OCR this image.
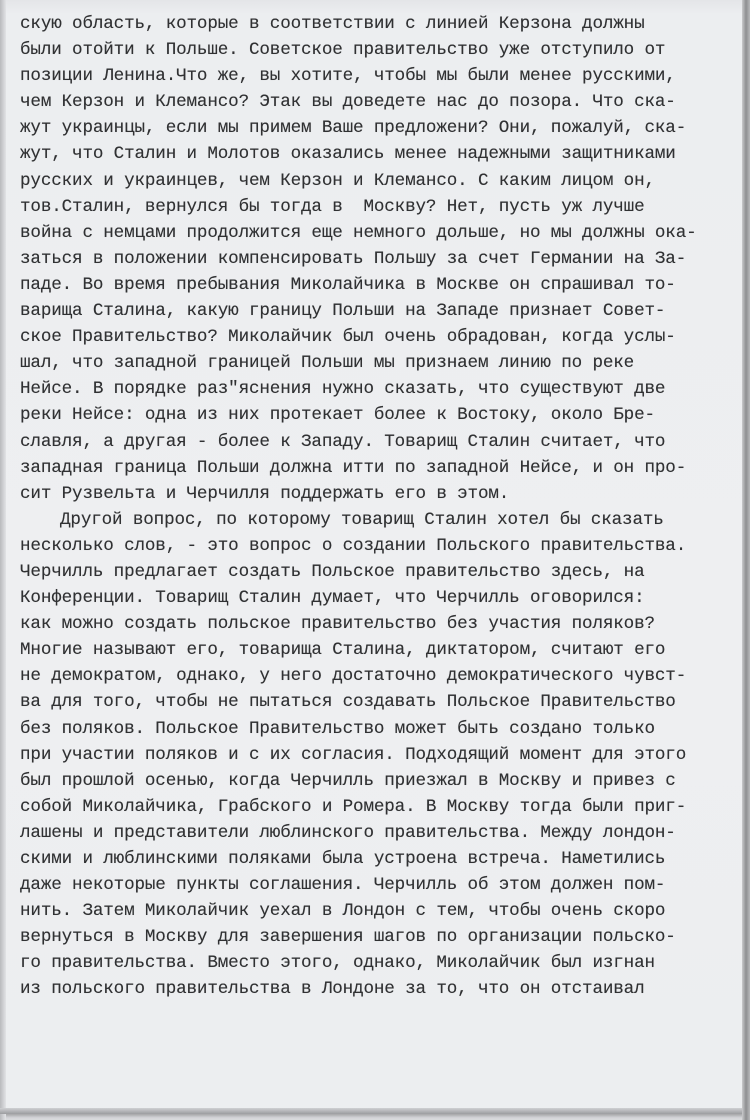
скую область, которые в соответствии с линией Керзона должны
были отойти к Польше. Советское правительство уже отступило от
позиции Ленина.Что же, вы хотите, чтобы мы были менее русскими,
чем Керзон и Клемансо? Этак вы доведете нас до позора. Что ска-
жут украинцы, если мы примем Ваше предложени? Они, пожалуй, ска-
жут, что Сталин и Молотов оказались менее надежными защитниками
русских и украинцев, чем Керзон и Клемансо. С каким лицом он,
тов.Сталин, вернулся бы тогда в  Москву? Нет, пусть уж лучше
война с немцами продолжится еще немного дольше, но мы должны ока-
заться в положении компенсировать Польшу за счет Германии на За-
паде. Во время пребывания Миколайчика в Москве он спрашивал то-
варища Сталина, какую границу Польши на Западе признает Совет-
ское Правительство? Миколайчик был очень обрадован, когда услы-
шал, что западной границей Польши мы признаем линию по реке
Нейсе. В порядке раз"яснения нужно сказать, что существуют две
реки Нейсе: одна из них протекает более к Востоку, около Бре-
славля, а другая - более к Западу. Товарищ Сталин считает, что
западная граница Польши должна итти по западной Нейсе, и он про-
сит Рузвельта и Черчилля поддержать его в этом.
Другой вопрос, по которому товарищ Сталин хотел бы сказать
несколько слов, - это вопрос о создании Польского правительства.
Черчилль предлагает создать Польское правительство здесь, на
Конференции. Товарищ Сталин думает, что Черчилль оговорился:
как можно создать польское правительство без участия поляков?
Многие называют его, товарища Сталина, диктатором, считают его
не демократом, однако, у него достаточно демократического чувст-
ва для того, чтобы не пытаться создавать Польское Правительство
без поляков. Польское Правительство может быть создано только
при участии поляков и с их согласия. Подходящий момент для этого
был прошлой осенью, когда Черчилль приезжал в Москву и привез с
собой Миколайчика, Грабского и Ромера. В Москву тогда были приг-
лашены и представители люблинского правительства. Между лондон-
скими и люблинскими поляками была устроена встреча. Наметились
даже некоторые пункты соглашения. Черчилль об этом должен пом-
нить. Затем Миколайчик уехал в Лондон с тем, чтобы очень скоро
вернуться в Москву для завершения шагов по организации польско-
го правительства. Вместо этого, однако, Миколайчик был изгнан
из польского правительства в Лондоне за то, что он отстаивал
